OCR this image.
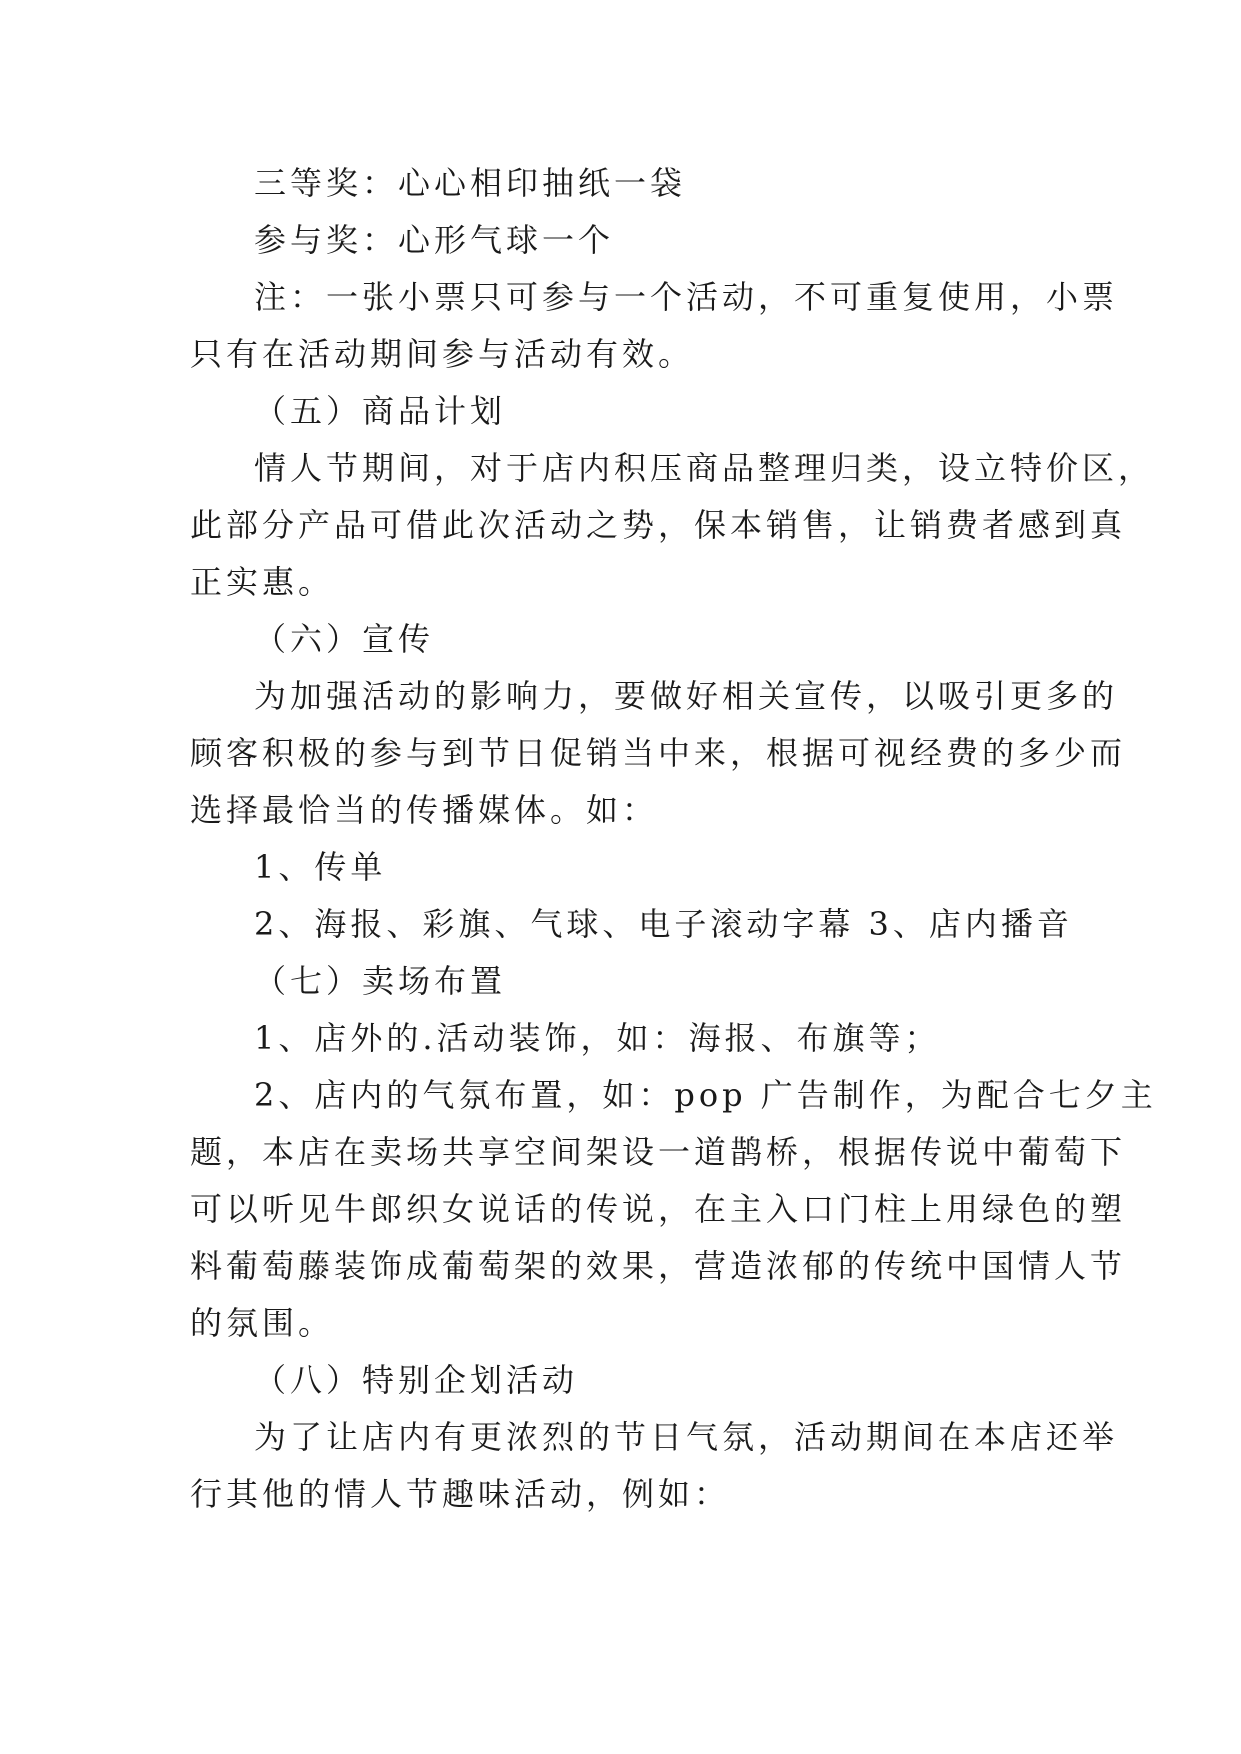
三等奖：心心相印抽纸一袋
参与奖：心形气球一个
注：一张小票只可参与一个活动，不可重复使用，小票
只有在活动期间参与活动有效。
（五）商品计划
情人节期间，对于店内积压商品整理归类，设立特价区，
此部分产品可借此次活动之势，保本销售，让销费者感到真
正实惠。
（六）宣传
为加强活动的影响力，要做好相关宣传，以吸引更多的
顾客积极的参与到节日促销当中来，根据可视经费的多少而
选择最恰当的传播媒体。如：
1、传单
2、海报、彩旗、气球、电子滚动字幕 3、店内播音
（七）卖场布置
1、店外的.活动装饰，如：海报、布旗等；
2、店内的气氛布置，如：pop 广告制作，为配合七夕主
题，本店在卖场共享空间架设一道鹊桥，根据传说中葡萄下
可以听见牛郎织女说话的传说，在主入口门柱上用绿色的塑
料葡萄藤装饰成葡萄架的效果，营造浓郁的传统中国情人节
的氛围。
（八）特别企划活动
为了让店内有更浓烈的节日气氛，活动期间在本店还举
行其他的情人节趣味活动，例如：
